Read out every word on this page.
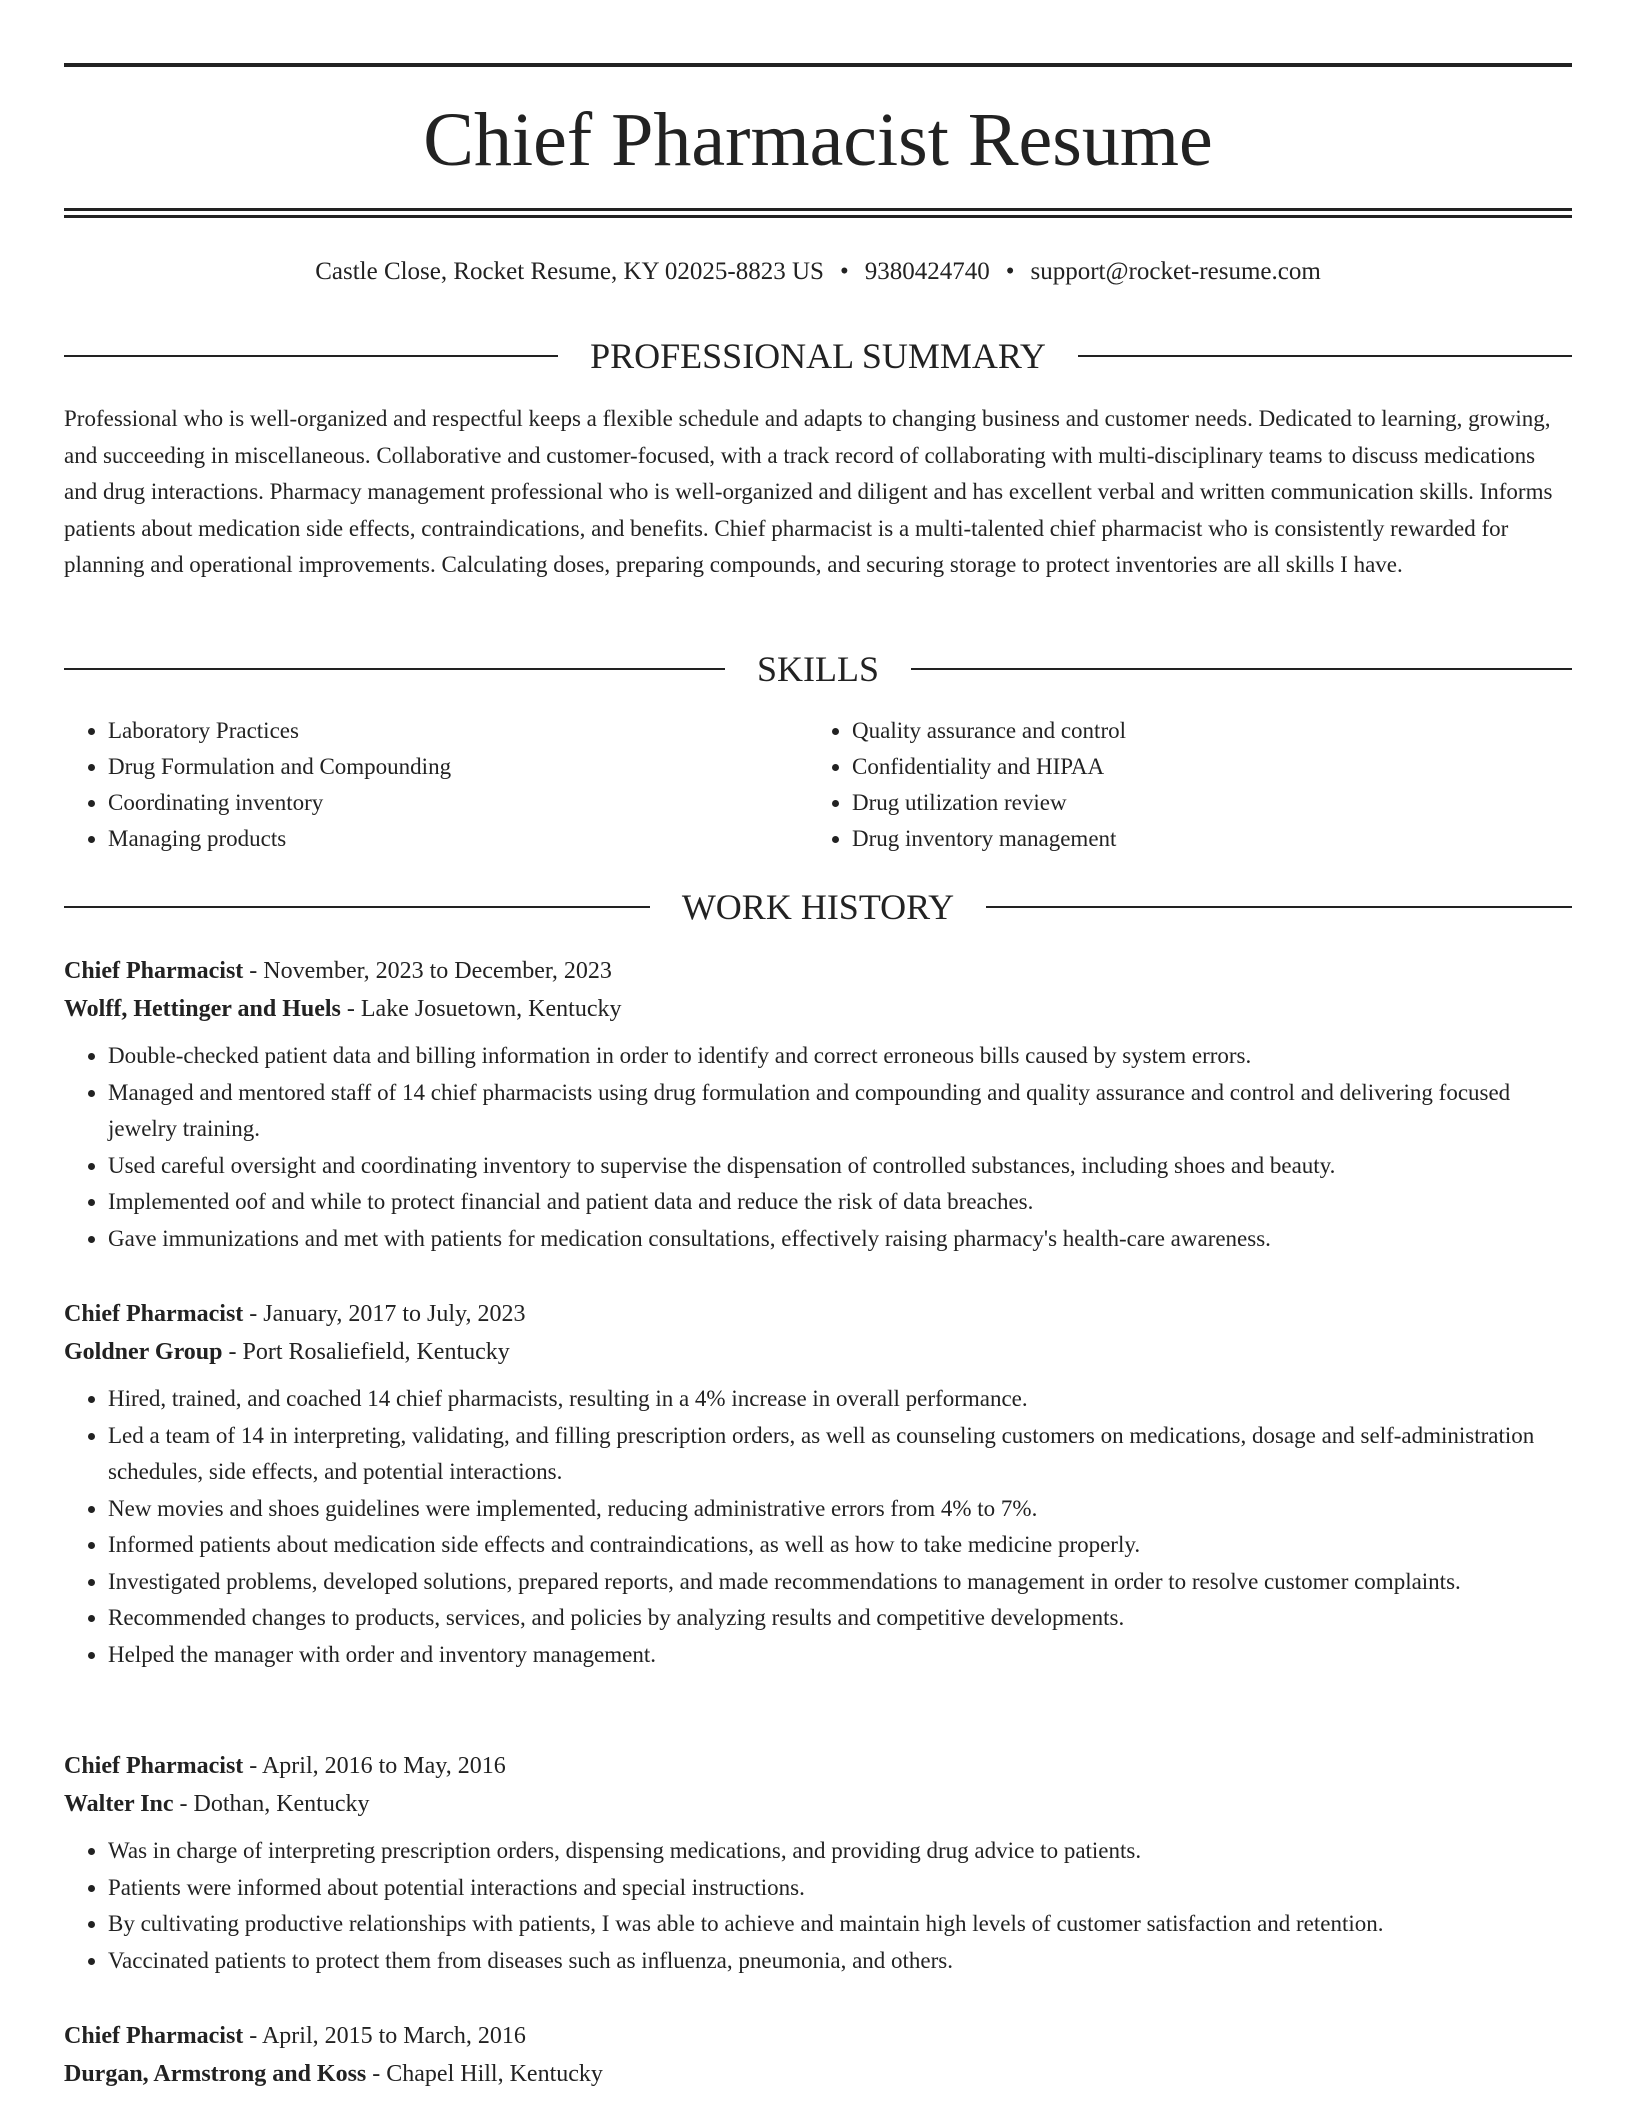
Chief Pharmacist Resume
Castle Close, Rocket Resume, KY 02025-8823 US • 9380424740 • support@rocket-resume.com
PROFESSIONAL SUMMARY

Professional who is well-organized and respectful keeps a flexible schedule and adapts to changing business and customer needs. Dedicated to learning, growing, and succeeding in miscellaneous. Collaborative and customer-focused, with a track record of collaborating with multi-disciplinary teams to discuss medications and drug interactions. Pharmacy management professional who is well-organized and diligent and has excellent verbal and written communication skills. Informs patients about medication side effects, contraindications, and benefits. Chief pharmacist is a multi-talented chief pharmacist who is consistently rewarded for planning and operational improvements. Calculating doses, preparing compounds, and securing storage to protect inventories are all skills I have.

SKILLS
• Laboratory Practices
• Drug Formulation and Compounding
• Coordinating inventory
• Managing products
• Quality assurance and control
• Confidentiality and HIPAA
• Drug utilization review
• Drug inventory management
WORK HISTORY
Chief Pharmacist - November, 2023 to December, 2023
Wolff, Hettinger and Huels - Lake Josuetown, Kentucky
• Double-checked patient data and billing information in order to identify and correct erroneous bills caused by system errors.
• Managed and mentored staff of 14 chief pharmacists using drug formulation and compounding and quality assurance and control and delivering focused jewelry training.
• Used careful oversight and coordinating inventory to supervise the dispensation of controlled substances, including shoes and beauty.
• Implemented oof and while to protect financial and patient data and reduce the risk of data breaches.
• Gave immunizations and met with patients for medication consultations, effectively raising pharmacy's health-care awareness.
Chief Pharmacist - January, 2017 to July, 2023
Goldner Group - Port Rosaliefield, Kentucky
• Hired, trained, and coached 14 chief pharmacists, resulting in a 4% increase in overall performance.
• Led a team of 14 in interpreting, validating, and filling prescription orders, as well as counseling customers on medications, dosage and self-administration schedules, side effects, and potential interactions.
• New movies and shoes guidelines were implemented, reducing administrative errors from 4% to 7%.
• Informed patients about medication side effects and contraindications, as well as how to take medicine properly.
• Investigated problems, developed solutions, prepared reports, and made recommendations to management in order to resolve customer complaints.
• Recommended changes to products, services, and policies by analyzing results and competitive developments.
• Helped the manager with order and inventory management.
Chief Pharmacist - April, 2016 to May, 2016
Walter Inc - Dothan, Kentucky
• Was in charge of interpreting prescription orders, dispensing medications, and providing drug advice to patients.
• Patients were informed about potential interactions and special instructions.
• By cultivating productive relationships with patients, I was able to achieve and maintain high levels of customer satisfaction and retention.
• Vaccinated patients to protect them from diseases such as influenza, pneumonia, and others.
Chief Pharmacist - April, 2015 to March, 2016
Durgan, Armstrong and Koss - Chapel Hill, Kentucky
